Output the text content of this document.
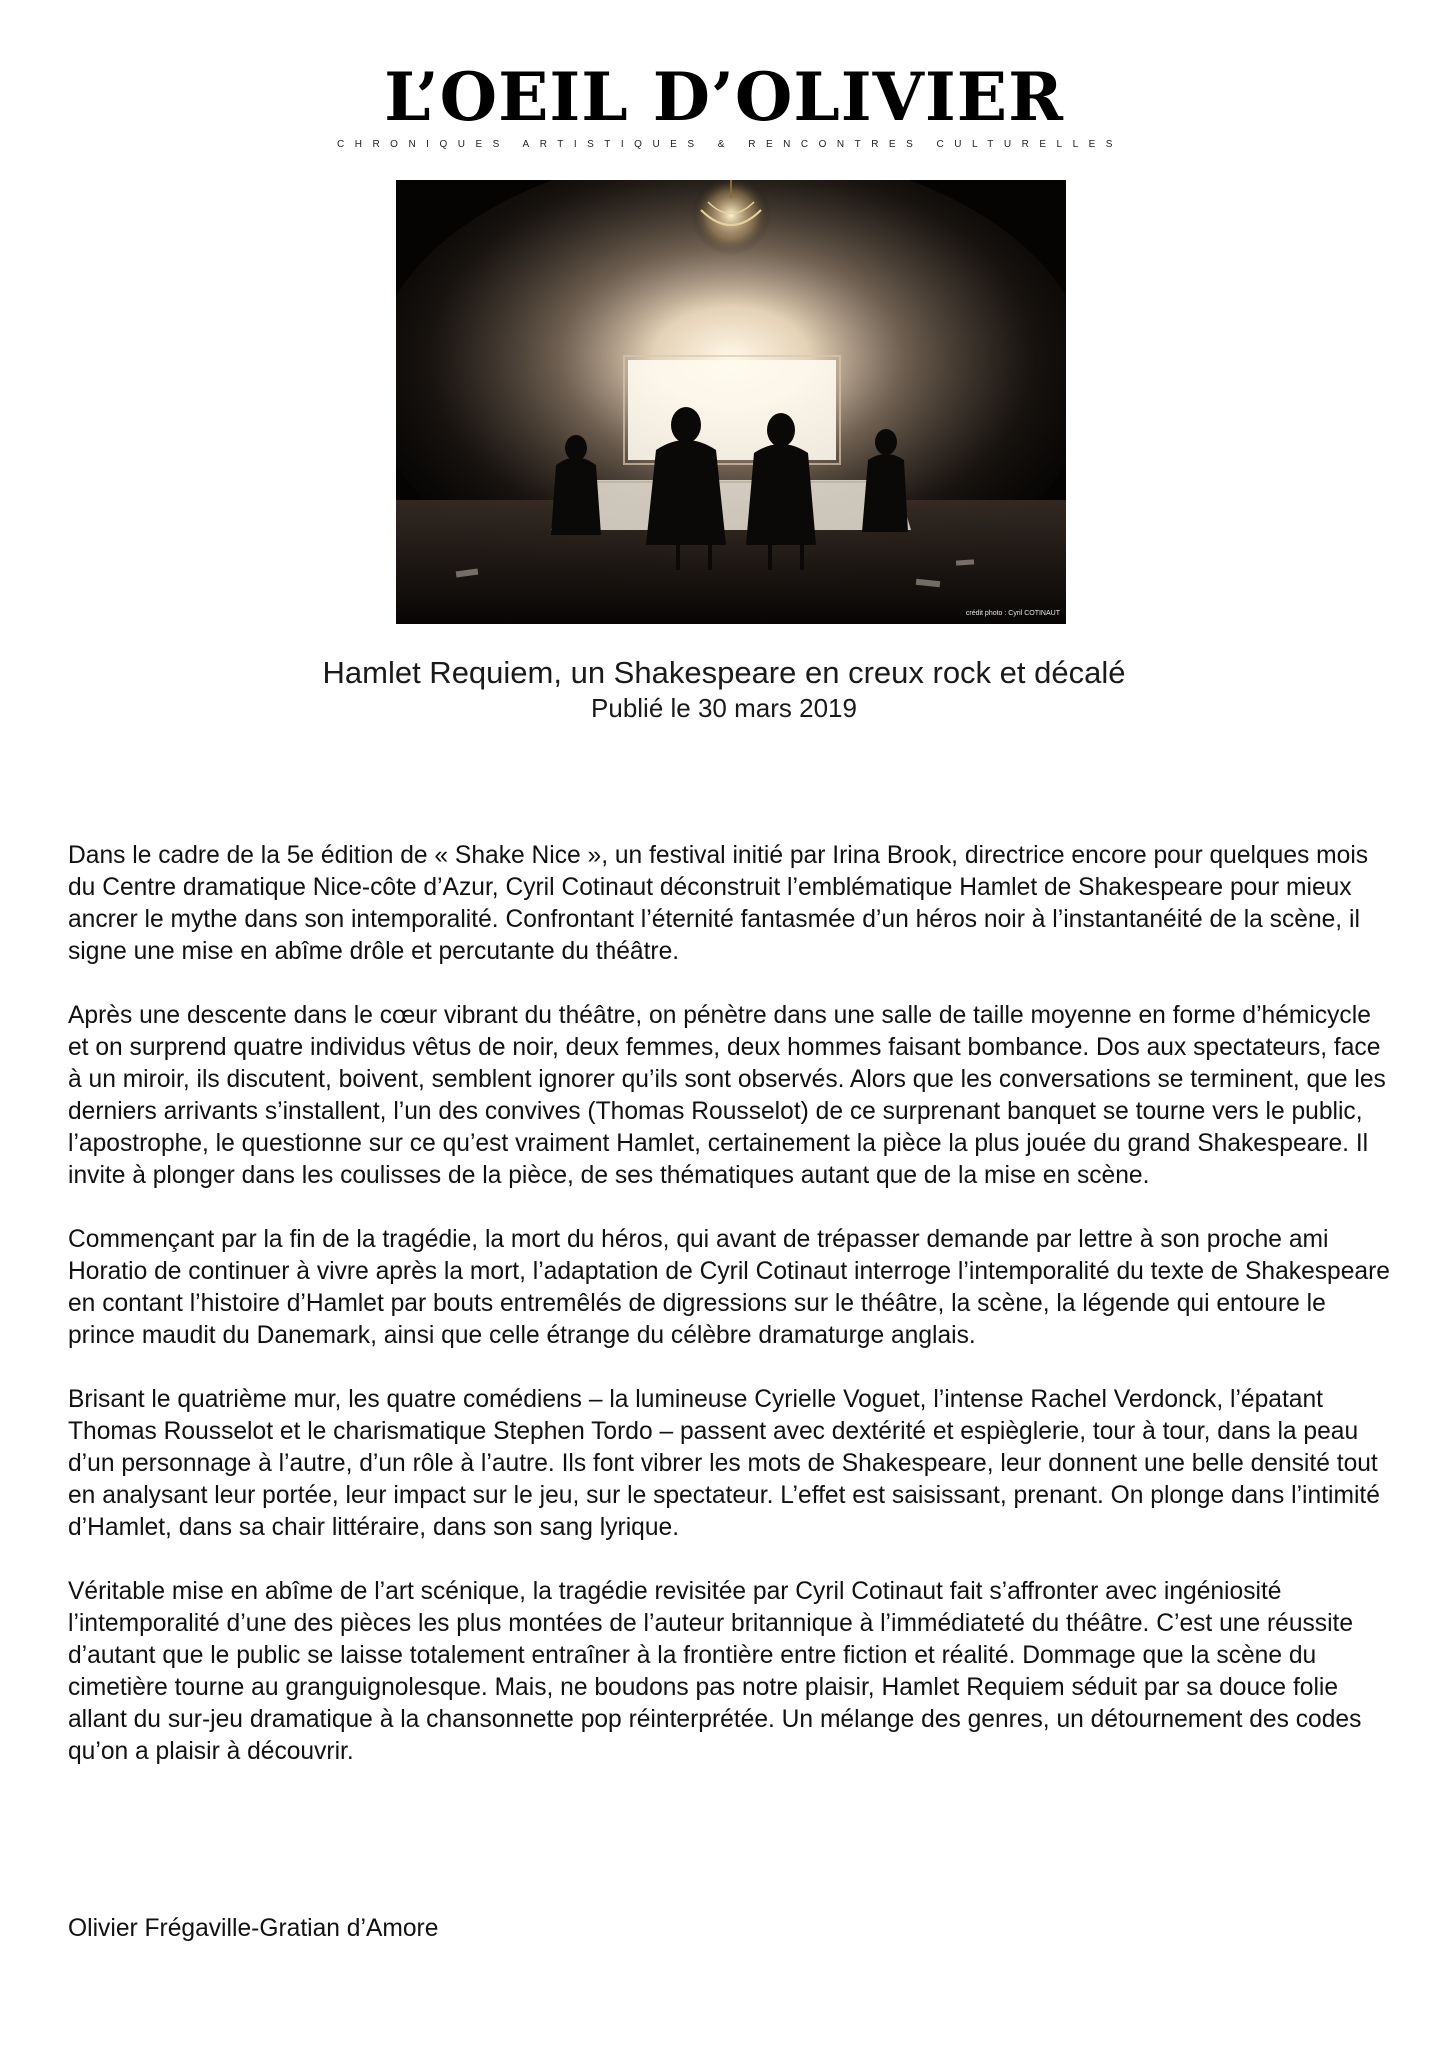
L’OEIL D’OLIVIER
CHRONIQUES ARTISTIQUES & RENCONTRES CULTURELLES
crédit photo : Cyril COTINAUT
Hamlet Requiem, un Shakespeare en creux rock et décalé
Publié le 30 mars 2019

Dans le cadre de la 5e édition de « Shake Nice », un festival initié par Irina Brook, directrice encore pour quelques mois du Centre dramatique Nice-côte d’Azur, Cyril Cotinaut déconstruit l’emblématique Hamlet de Shakespeare pour mieux ancrer le mythe dans son intemporalité. Confrontant l’éternité fantasmée d’un héros noir à l’instantanéité de la scène, il signe une mise en abîme drôle et percutante du théâtre.

Après une descente dans le cœur vibrant du théâtre, on pénètre dans une salle de taille moyenne en forme d’hémicycle et on surprend quatre individus vêtus de noir, deux femmes, deux hommes faisant bombance. Dos aux spectateurs, face à un miroir, ils discutent, boivent, semblent ignorer qu’ils sont observés. Alors que les conversations se terminent, que les derniers arrivants s’installent, l’un des convives (Thomas Rousselot) de ce surprenant banquet se tourne vers le public, l’apostrophe, le questionne sur ce qu’est vraiment Hamlet, certainement la pièce la plus jouée du grand Shakespeare. Il invite à plonger dans les coulisses de la pièce, de ses thématiques autant que de la mise en scène.

Commençant par la fin de la tragédie, la mort du héros, qui avant de trépasser demande par lettre à son proche ami Horatio de continuer à vivre après la mort, l’adaptation de Cyril Cotinaut interroge l’intemporalité du texte de Shakespeare en contant l’histoire d’Hamlet par bouts entremêlés de digressions sur le théâtre, la scène, la légende qui entoure le prince maudit du Danemark, ainsi que celle étrange du célèbre dramaturge anglais.

Brisant le quatrième mur, les quatre comédiens – la lumineuse Cyrielle Voguet, l’intense Rachel Verdonck, l’épatant Thomas Rousselot et le charismatique Stephen Tordo – passent avec dextérité et espièglerie, tour à tour, dans la peau d’un personnage à l’autre, d’un rôle à l’autre. Ils font vibrer les mots de Shakespeare, leur donnent une belle densité tout en analysant leur portée, leur impact sur le jeu, sur le spectateur. L’effet est saisissant, prenant. On plonge dans l’intimité d’Hamlet, dans sa chair littéraire, dans son sang lyrique.

Véritable mise en abîme de l’art scénique, la tragédie revisitée par Cyril Cotinaut fait s’affronter avec ingéniosité l’intemporalité d’une des pièces les plus montées de l’auteur britannique à l’immédiateté du théâtre. C’est une réussite d’autant que le public se laisse totalement entraîner à la frontière entre fiction et réalité. Dommage que la scène du cimetière tourne au granguignolesque. Mais, ne boudons pas notre plaisir, Hamlet Requiem séduit par sa douce folie allant du sur-jeu dramatique à la chansonnette pop réinterprétée. Un mélange des genres, un détournement des codes qu’on a plaisir à découvrir.

Olivier Frégaville-Gratian d’Amore
